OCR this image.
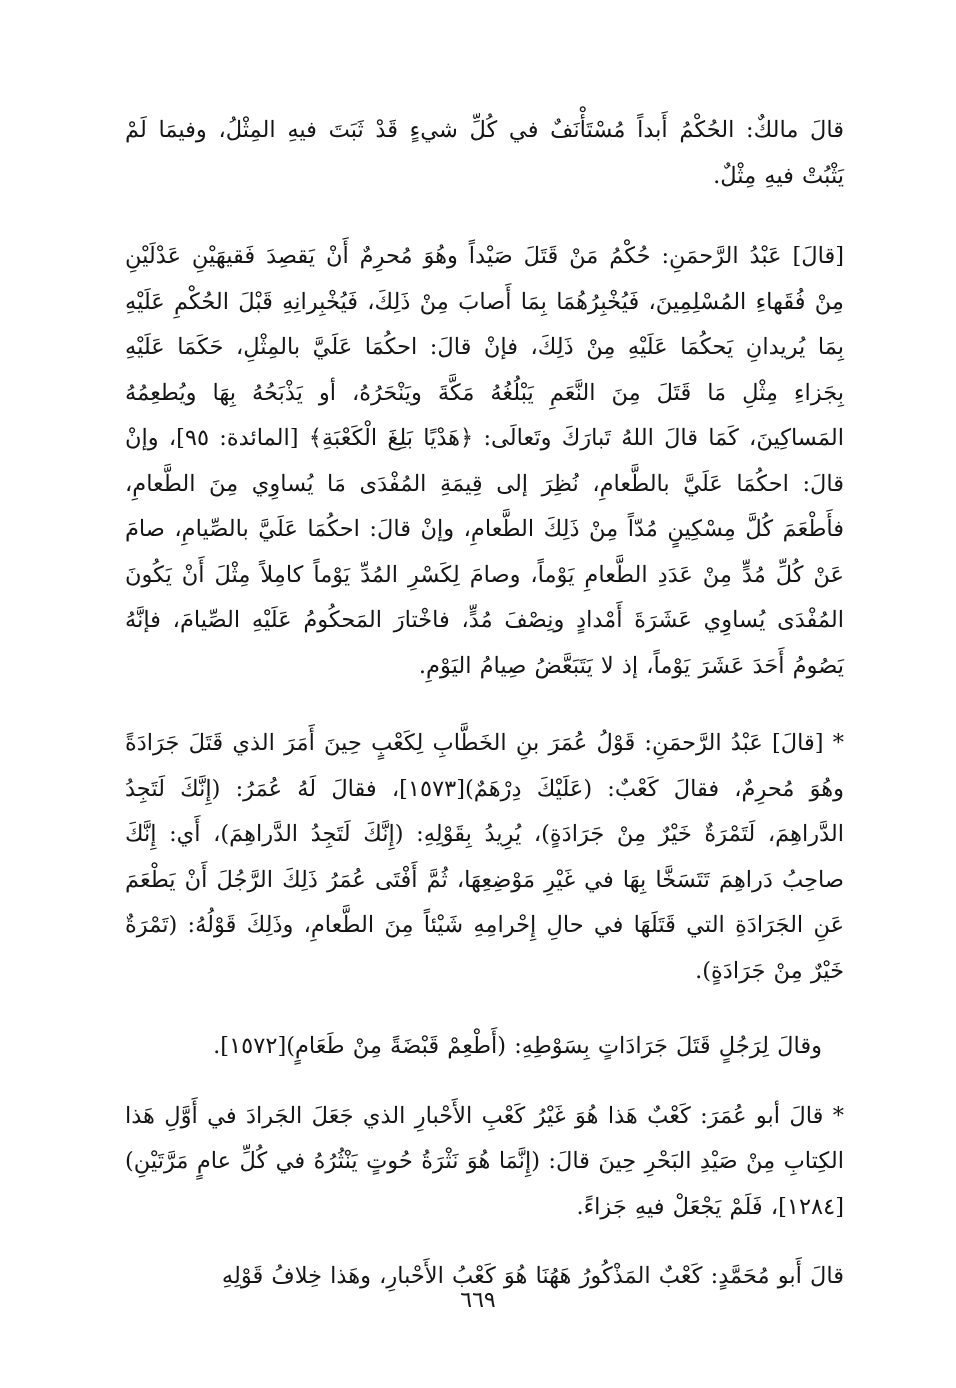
قالَ مالكٌ: الحُكْمُ أَبداً مُسْتَأْنَفٌ في كُلِّ شيءٍ قَدْ ثَبَتَ فيهِ المِثْلُ، وفيمَا لَمْ يَثْبُتْ فيهِ مِثْلٌ.

[قالَ] عَبْدُ الرَّحمَنِ: حُكْمُ مَنْ قَتَلَ صَيْداً وهُوَ مُحرِمٌ أَنْ يَقصِدَ فَقيهَيْنِ عَدْلَيْنِ مِنْ فُقَهاءِ المُسْلِمِينَ، فَيُخْبِرُهُمَا بِمَا أَصابَ مِنْ ذَلِكَ، فَيُخْبِرانِهِ قَبْلَ الحُكْمِ عَلَيْهِ بِمَا يُريدانِ يَحكُمَا عَلَيْهِ مِنْ ذَلِكَ، فإنْ قالَ: احكُمَا عَلَيَّ بالمِثْلِ، حَكَمَا عَلَيْهِ بِجَزاءِ مِثْلِ مَا قَتَلَ مِنَ النَّعَمِ يَبْلُغُهُ مَكَّةَ ويَنْحَرُهُ، أو يَذْبَحُهُ بِهَا ويُطعِمُهُ المَساكِينَ، كَمَا قالَ اللهُ تَبارَكَ وتَعالَى: ﴿هَدْيًا بَلِغَ الْكَعْبَةِ﴾ [المائدة: ٩٥]، وإنْ قالَ: احكُمَا عَلَيَّ بالطَّعامِ، نُظِرَ إلى قِيمَةِ المُفْدَى مَا يُساوِي مِنَ الطَّعامِ، فأَطْعَمَ كُلَّ مِسْكِينٍ مُدّاً مِنْ ذَلِكَ الطَّعامِ، وإنْ قالَ: احكُمَا عَلَيَّ بالصِّيامِ، صامَ عَنْ كُلِّ مُدٍّ مِنْ عَدَدِ الطَّعامِ يَوْماً، وصامَ لِكَسْرِ المُدِّ يَوْماً كامِلاً مِثْلَ أَنْ يَكُونَ المُفْدَى يُساوِي عَشَرَةَ أَمْدادٍ ونِصْفَ مُدٍّ، فاخْتارَ المَحكُومُ عَلَيْهِ الصِّيامَ، فإنَّهُ يَصُومُ أَحَدَ عَشَرَ يَوْماً، إذ لا يَتَبَعَّضُ صِيامُ اليَوْمِ.

* [قالَ] عَبْدُ الرَّحمَنِ: قَوْلُ عُمَرَ بنِ الخَطَّابِ لِكَعْبٍ حِينَ أَمَرَ الذي قَتَلَ جَرَادَةً وهُوَ مُحرِمٌ، فقالَ كَعْبٌ: (عَلَيْكَ دِرْهَمٌ)[١٥٧٣]، فقالَ لَهُ عُمَرُ: (إِنَّكَ لَتَجِدُ الدَّراهِمَ، لَتَمْرَةٌ خَيْرٌ مِنْ جَرَادَةٍ)، يُرِيدُ بِقَوْلِهِ: (إِنَّكَ لَتَجِدُ الدَّراهِمَ)، أَي: إِنَّكَ صاحِبُ دَراهِمَ تَتَسَخَّا بِهَا في غَيْرِ مَوْضِعِهَا، ثُمَّ أَفْتَى عُمَرُ ذَلِكَ الرَّجُلَ أَنْ يَطْعَمَ عَنِ الجَرَادَةِ التي قَتَلَهَا في حالِ إِحْرامِهِ شَيْئاً مِنَ الطَّعامِ، وذَلِكَ قَوْلُهُ: (تَمْرَةٌ خَيْرٌ مِنْ جَرَادَةٍ).

وقالَ لِرَجُلٍ قَتَلَ جَرَادَاتٍ بِسَوْطِهِ: (أَطْعِمْ قَبْضَةً مِنْ طَعَامٍ)[١٥٧٢].

* قالَ أبو عُمَرَ: كَعْبٌ هَذا هُوَ غَيْرُ كَعْبِ الأَحْبارِ الذي جَعَلَ الجَرادَ في أَوَّلِ هَذا الكِتابِ مِنْ صَيْدِ البَحْرِ حِينَ قالَ: (إِنَّمَا هُوَ نَثْرَةُ حُوتٍ يَنْثُرُهُ في كُلِّ عامٍ مَرَّتَيْنِ)[١٢٨٤]، فَلَمْ يَجْعَلْ فيهِ جَزاءً.

قالَ أَبو مُحَمَّدٍ: كَعْبٌ المَذْكُورُ هَهُنَا هُوَ كَعْبُ الأَحْبارِ، وهَذا خِلافُ قَوْلِهِ

٦٦٩
